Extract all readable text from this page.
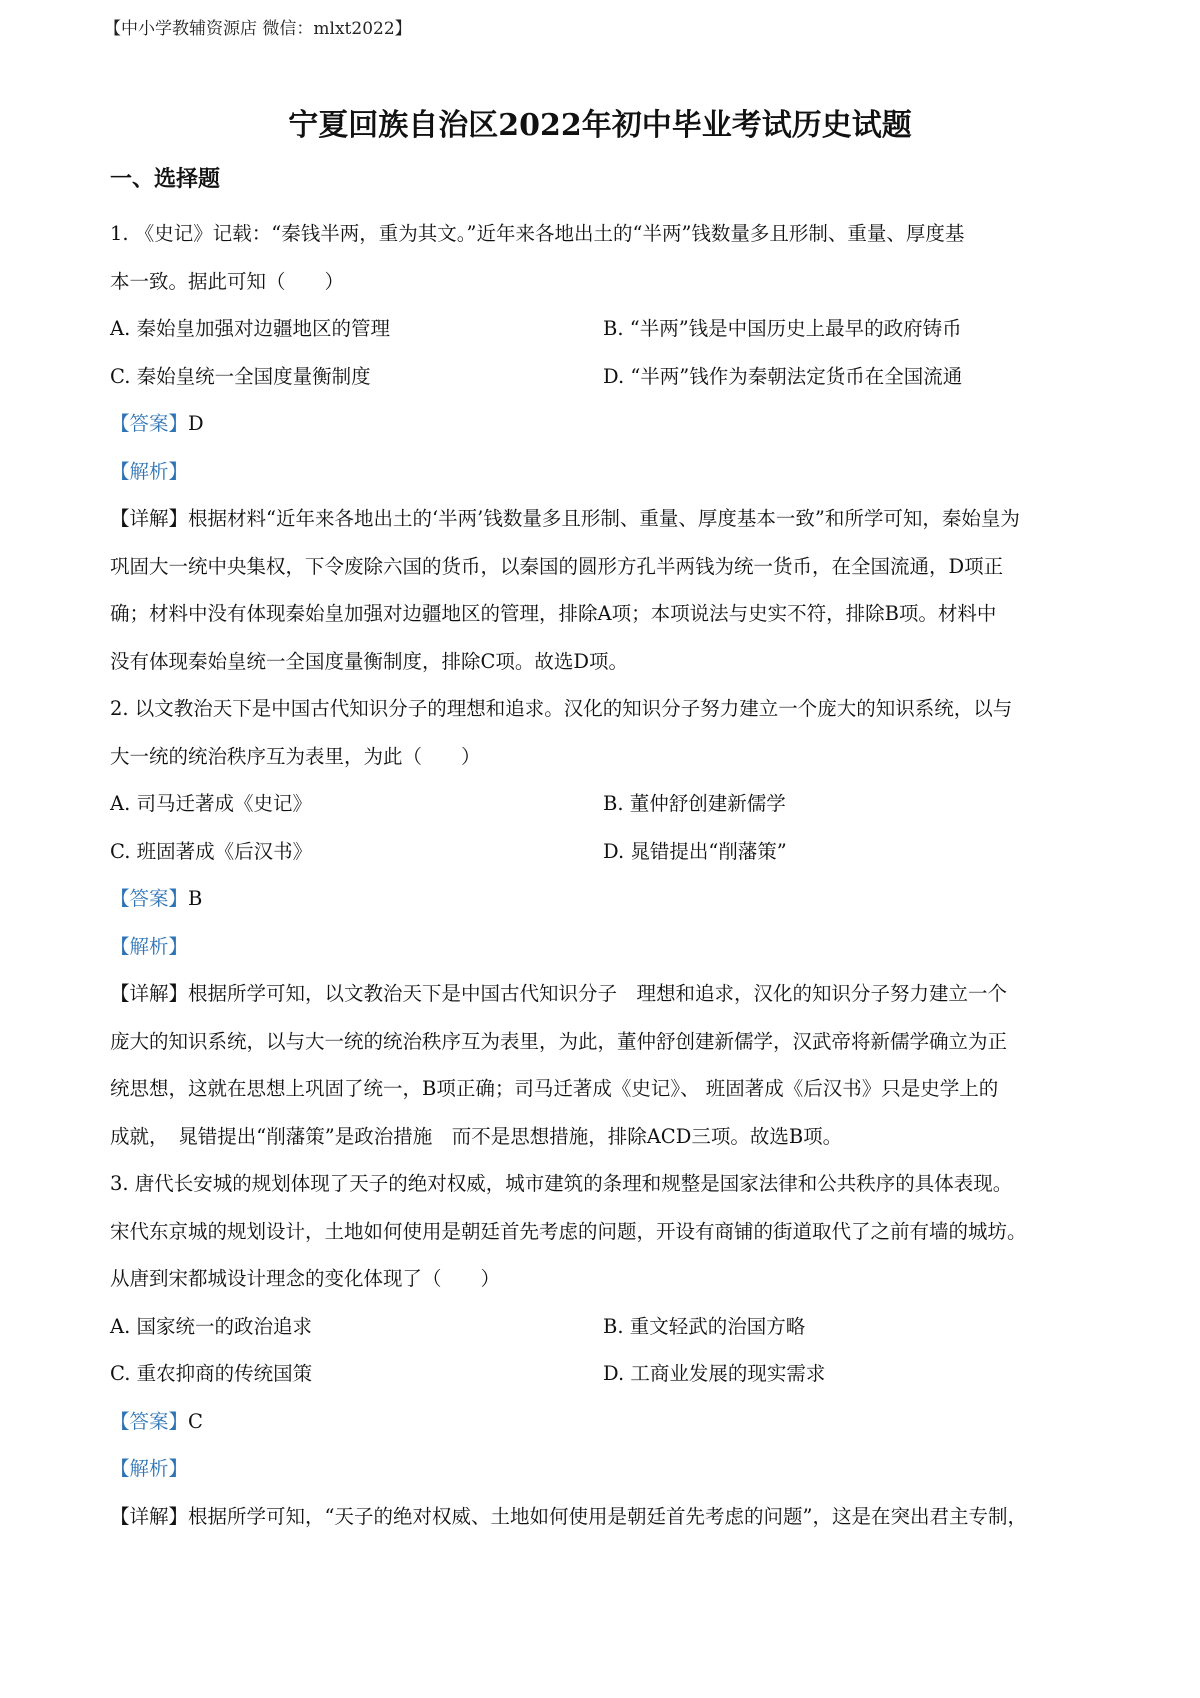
【中小学教辅资源店 微信：mlxt2022】
宁夏回族自治区2022年初中毕业考试历史试题
一、选择题
1. 《史记》记载：“秦钱半两，重为其文。”近年来各地出土的“半两”钱数量多且形制、重量、厚度基
本一致。据此可知（　　）
A. 秦始皇加强对边疆地区的管理	B. “半两”钱是中国历史上最早的政府铸币
C. 秦始皇统一全国度量衡制度	D. “半两”钱作为秦朝法定货币在全国流通
【答案】D
【解析】
【详解】根据材料“近年来各地出土的‘半两’钱数量多且形制、重量、厚度基本一致”和所学可知，秦始皇为
巩固大一统中央集权，下令废除六国的货币，以秦国的圆形方孔半两钱为统一货币，在全国流通，D项正
确；材料中没有体现秦始皇加强对边疆地区的管理，排除A项；本项说法与史实不符，排除B项。材料中
没有体现秦始皇统一全国度量衡制度，排除C项。故选D项。
2. 以文教治天下是中国古代知识分子的理想和追求。汉化的知识分子努力建立一个庞大的知识系统，以与
大一统的统治秩序互为表里，为此（　　）
A. 司马迁著成《史记》	B. 董仲舒创建新儒学
C. 班固著成《后汉书》	D. 晁错提出“削藩策”
【答案】B
【解析】
【详解】根据所学可知，以文教治天下是中国古代知识分子　理想和追求，汉化的知识分子努力建立一个
庞大的知识系统，以与大一统的统治秩序互为表里，为此，董仲舒创建新儒学，汉武帝将新儒学确立为正
统思想，这就在思想上巩固了统一，B项正确；司马迁著成《史记》、 班固著成《后汉书》只是史学上的
成就，　晁错提出“削藩策”是政治措施　而不是思想措施，排除ACD三项。故选B项。
3. 唐代长安城的规划体现了天子的绝对权威，城市建筑的条理和规整是国家法律和公共秩序的具体表现。
宋代东京城的规划设计，土地如何使用是朝廷首先考虑的问题，开设有商铺的街道取代了之前有墙的城坊。
从唐到宋都城设计理念的变化体现了（　　）
A. 国家统一的政治追求	B. 重文轻武的治国方略
C. 重农抑商的传统国策	D. 工商业发展的现实需求
【答案】C
【解析】
【详解】根据所学可知，“天子的绝对权威、土地如何使用是朝廷首先考虑的问题”，这是在突出君主专制，
